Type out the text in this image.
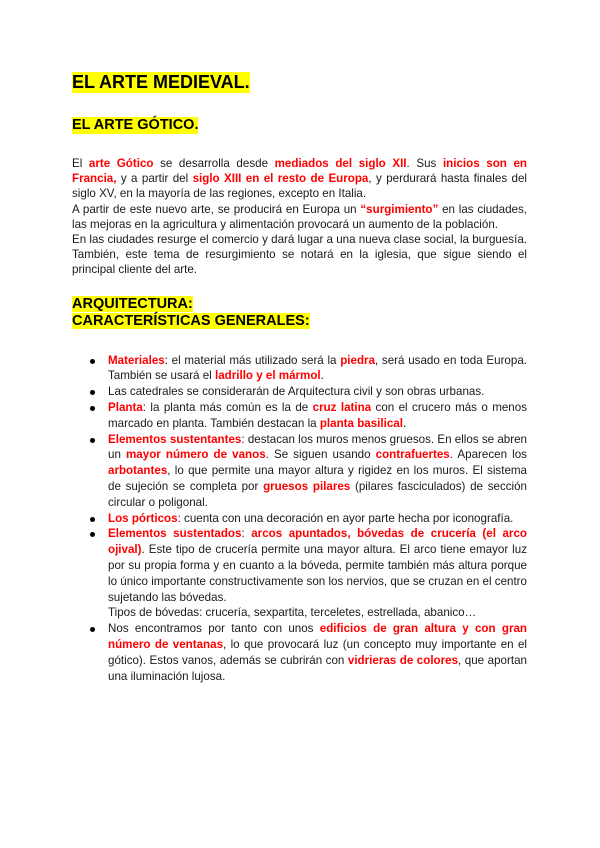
EL ARTE MEDIEVAL.
EL ARTE GÓTICO.

El arte Gótico se desarrolla desde mediados del siglo XII. Sus inicios son en Francia, y a partir del siglo XIII en el resto de Europa, y perdurará hasta finales del siglo XV, en la mayoría de las regiones, excepto en Italia.

A partir de este nuevo arte, se producirá en Europa un “surgimiento” en las ciudades, las mejoras en la agricultura y alimentación provocará un aumento de la población.

En las ciudades resurge el comercio y dará lugar a una nueva clase social, la burguesía. También, este tema de resurgimiento se notará en la iglesia, que sigue siendo el principal cliente del arte.

ARQUITECTURA:
CARACTERÍSTICAS GENERALES:
Materiales: el material más utilizado será la piedra, será usado en toda Europa. También se usará el ladrillo y el mármol.
Las catedrales se considerarán de Arquitectura civil y son obras urbanas.
Planta: la planta más común es la de cruz latina con el crucero más o menos marcado en planta. También destacan la planta basilical.
Elementos sustentantes: destacan los muros menos gruesos. En ellos se abren un mayor número de vanos. Se siguen usando contrafuertes. Aparecen los arbotantes, lo que permite una mayor altura y rigidez en los muros. El sistema de sujeción se completa por gruesos pilares (pilares fasciculados) de sección circular o poligonal.
Los pórticos: cuenta con una decoración en ayor parte hecha por iconografía.
Elementos sustentados: arcos apuntados, bóvedas de crucería (el arco ojival). Este tipo de crucería permite una mayor altura. El arco tiene emayor luz por su propia forma y en cuanto a la bóveda, permite también más altura porque lo único importante constructivamente son los nervios, que se cruzan en el centro sujetando las bóvedas.
Tipos de bóvedas: crucería, sexpartita, terceletes, estrellada, abanico…
Nos encontramos por tanto con unos edificios de gran altura y con gran número de ventanas, lo que provocará luz (un concepto muy importante en el gótico). Estos vanos, además se cubrirán con vidrieras de colores, que aportan una iluminación lujosa.
